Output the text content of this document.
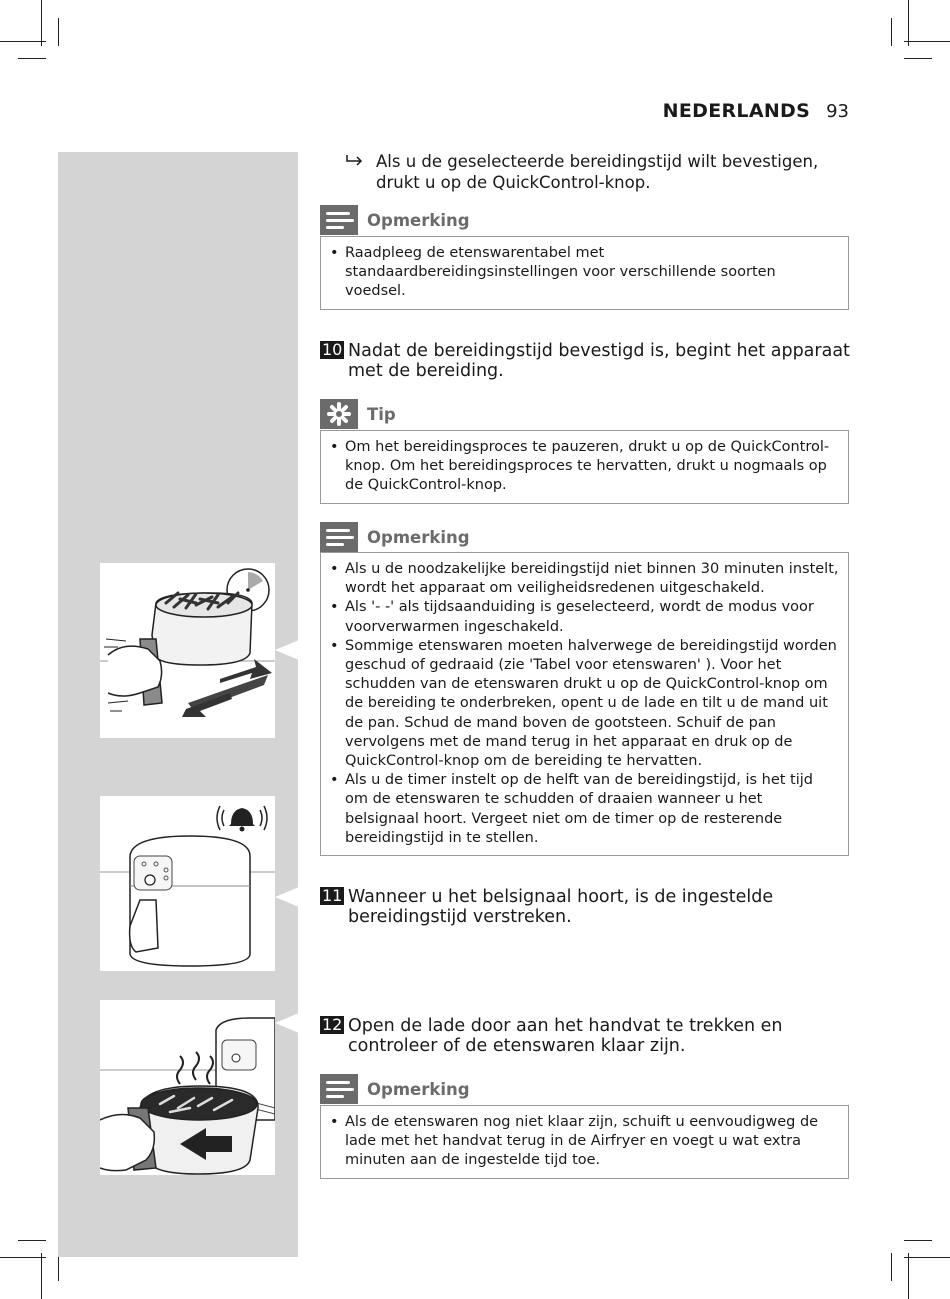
NEDERLANDS 93
Als u de geselecteerde bereidingstijd wilt bevestigen, drukt u op de QuickControl-knop.
Opmerking
• Raadpleeg de etenswarentabel met standaardbereidingsinstellingen voor verschillende soorten voedsel.
10 Nadat de bereidingstijd bevestigd is, begint het apparaat met de bereiding.
Tip
• Om het bereidingsproces te pauzeren, drukt u op de QuickControl-knop. Om het bereidingsproces te hervatten, drukt u nogmaals op de QuickControl-knop.
Opmerking
• Als u de noodzakelijke bereidingstijd niet binnen 30 minuten instelt, wordt het apparaat om veiligheidsredenen uitgeschakeld.
• Als '- -' als tijdsaanduiding is geselecteerd, wordt de modus voor voorverwarmen ingeschakeld.
• Sommige etenswaren moeten halverwege de bereidingstijd worden geschud of gedraaid (zie 'Tabel voor etenswaren' ). Voor het schudden van de etenswaren drukt u op de QuickControl-knop om de bereiding te onderbreken, opent u de lade en tilt u de mand uit de pan. Schud de mand boven de gootsteen. Schuif de pan vervolgens met de mand terug in het apparaat en druk op de QuickControl-knop om de bereiding te hervatten.
• Als u de timer instelt op de helft van de bereidingstijd, is het tijd om de etenswaren te schudden of draaien wanneer u het belsignaal hoort. Vergeet niet om de timer op de resterende bereidingstijd in te stellen.
11 Wanneer u het belsignaal hoort, is de ingestelde bereidingstijd verstreken.
12 Open de lade door aan het handvat te trekken en controleer of de etenswaren klaar zijn.
Opmerking
• Als de etenswaren nog niet klaar zijn, schuift u eenvoudigweg de lade met het handvat terug in de Airfryer en voegt u wat extra minuten aan de ingestelde tijd toe.
